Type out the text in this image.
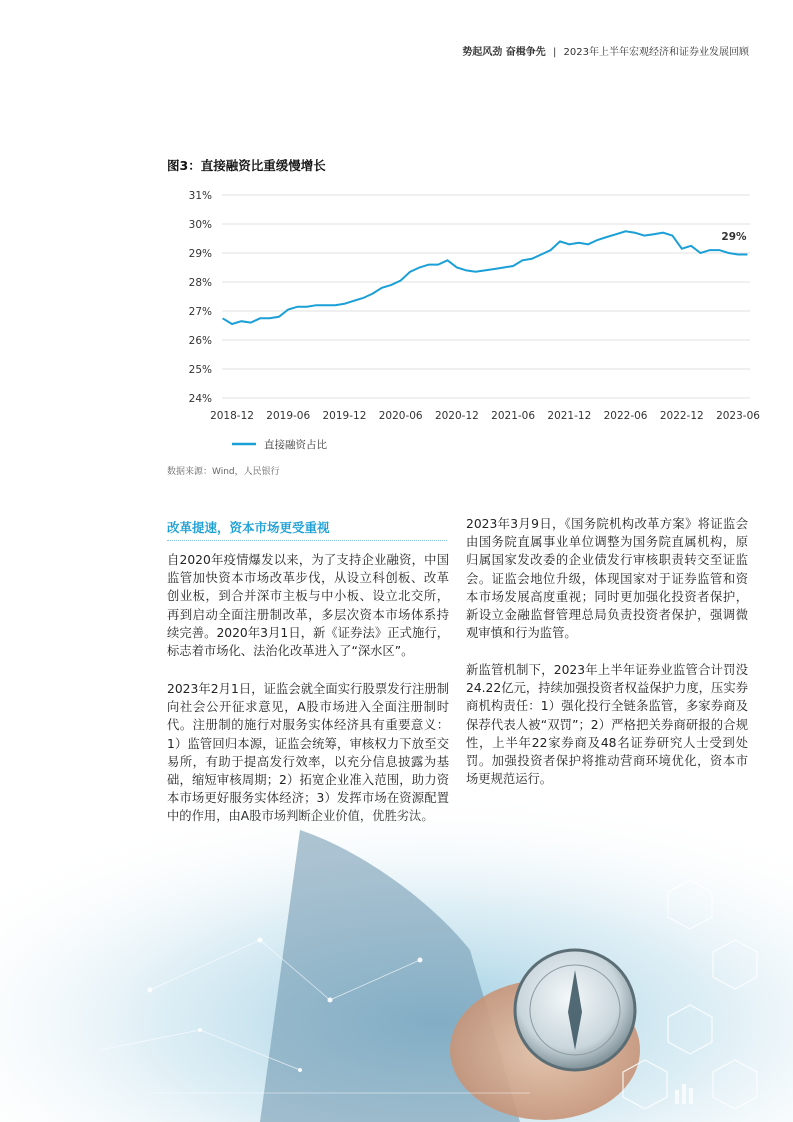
势起风劲 奋楫争先 | 2023年上半年宏观经济和证券业发展回顾
图3：直接融资比重缓慢增长
24%
25%
26%
27%
28%
29%
30%
31%
2018-12 2019-06 2019-12 2020-06 2020-12 2021-06 2021-12 2022-06 2022-12 2023-06
29%
直接融资占比
数据来源：Wind，人民银行
改革提速，资本市场更受重视

自2020年疫情爆发以来，为了支持企业融资，中国监管加快资本市场改革步伐，从设立科创板、改革创业板，到合并深市主板与中小板、设立北交所，再到启动全面注册制改革，多层次资本市场体系持续完善。2020年3月1日，新《证券法》正式施行，标志着市场化、法治化改革进入了“深水区”。

2023年2月1日，证监会就全面实行股票发行注册制向社会公开征求意见，A股市场进入全面注册制时代。注册制的施行对服务实体经济具有重要意义：1）监管回归本源，证监会统筹，审核权力下放至交易所，有助于提高发行效率，以充分信息披露为基础，缩短审核周期；2）拓宽企业准入范围，助力资

2023年3月9日，《国务院机构改革方案》将证监会由国务院直属事业单位调整为国务院直属机构，原归属国家发改委的企业债发行审核职责转交至证监会。证监会地位升级，体现国家对于证券监管和资本市场发展高度重视；同时更加强化投资者保护，新设立金融监督管理总局负责投资者保护，强调微观审慎和行为监管。

新监管机制下，2023年上半年证券业监管合计罚没24.22亿元，持续加强投资者权益保护力度，压实券商机构责任：1）强化投行全链条监管，多家券商及保荐代表人被“双罚”；2）严格把关券商研报的合规性，上半年22家券商及48名证券研究人士受到处罚。加强投资者保护将推动营商环境优化，资本市场更规范运行。
